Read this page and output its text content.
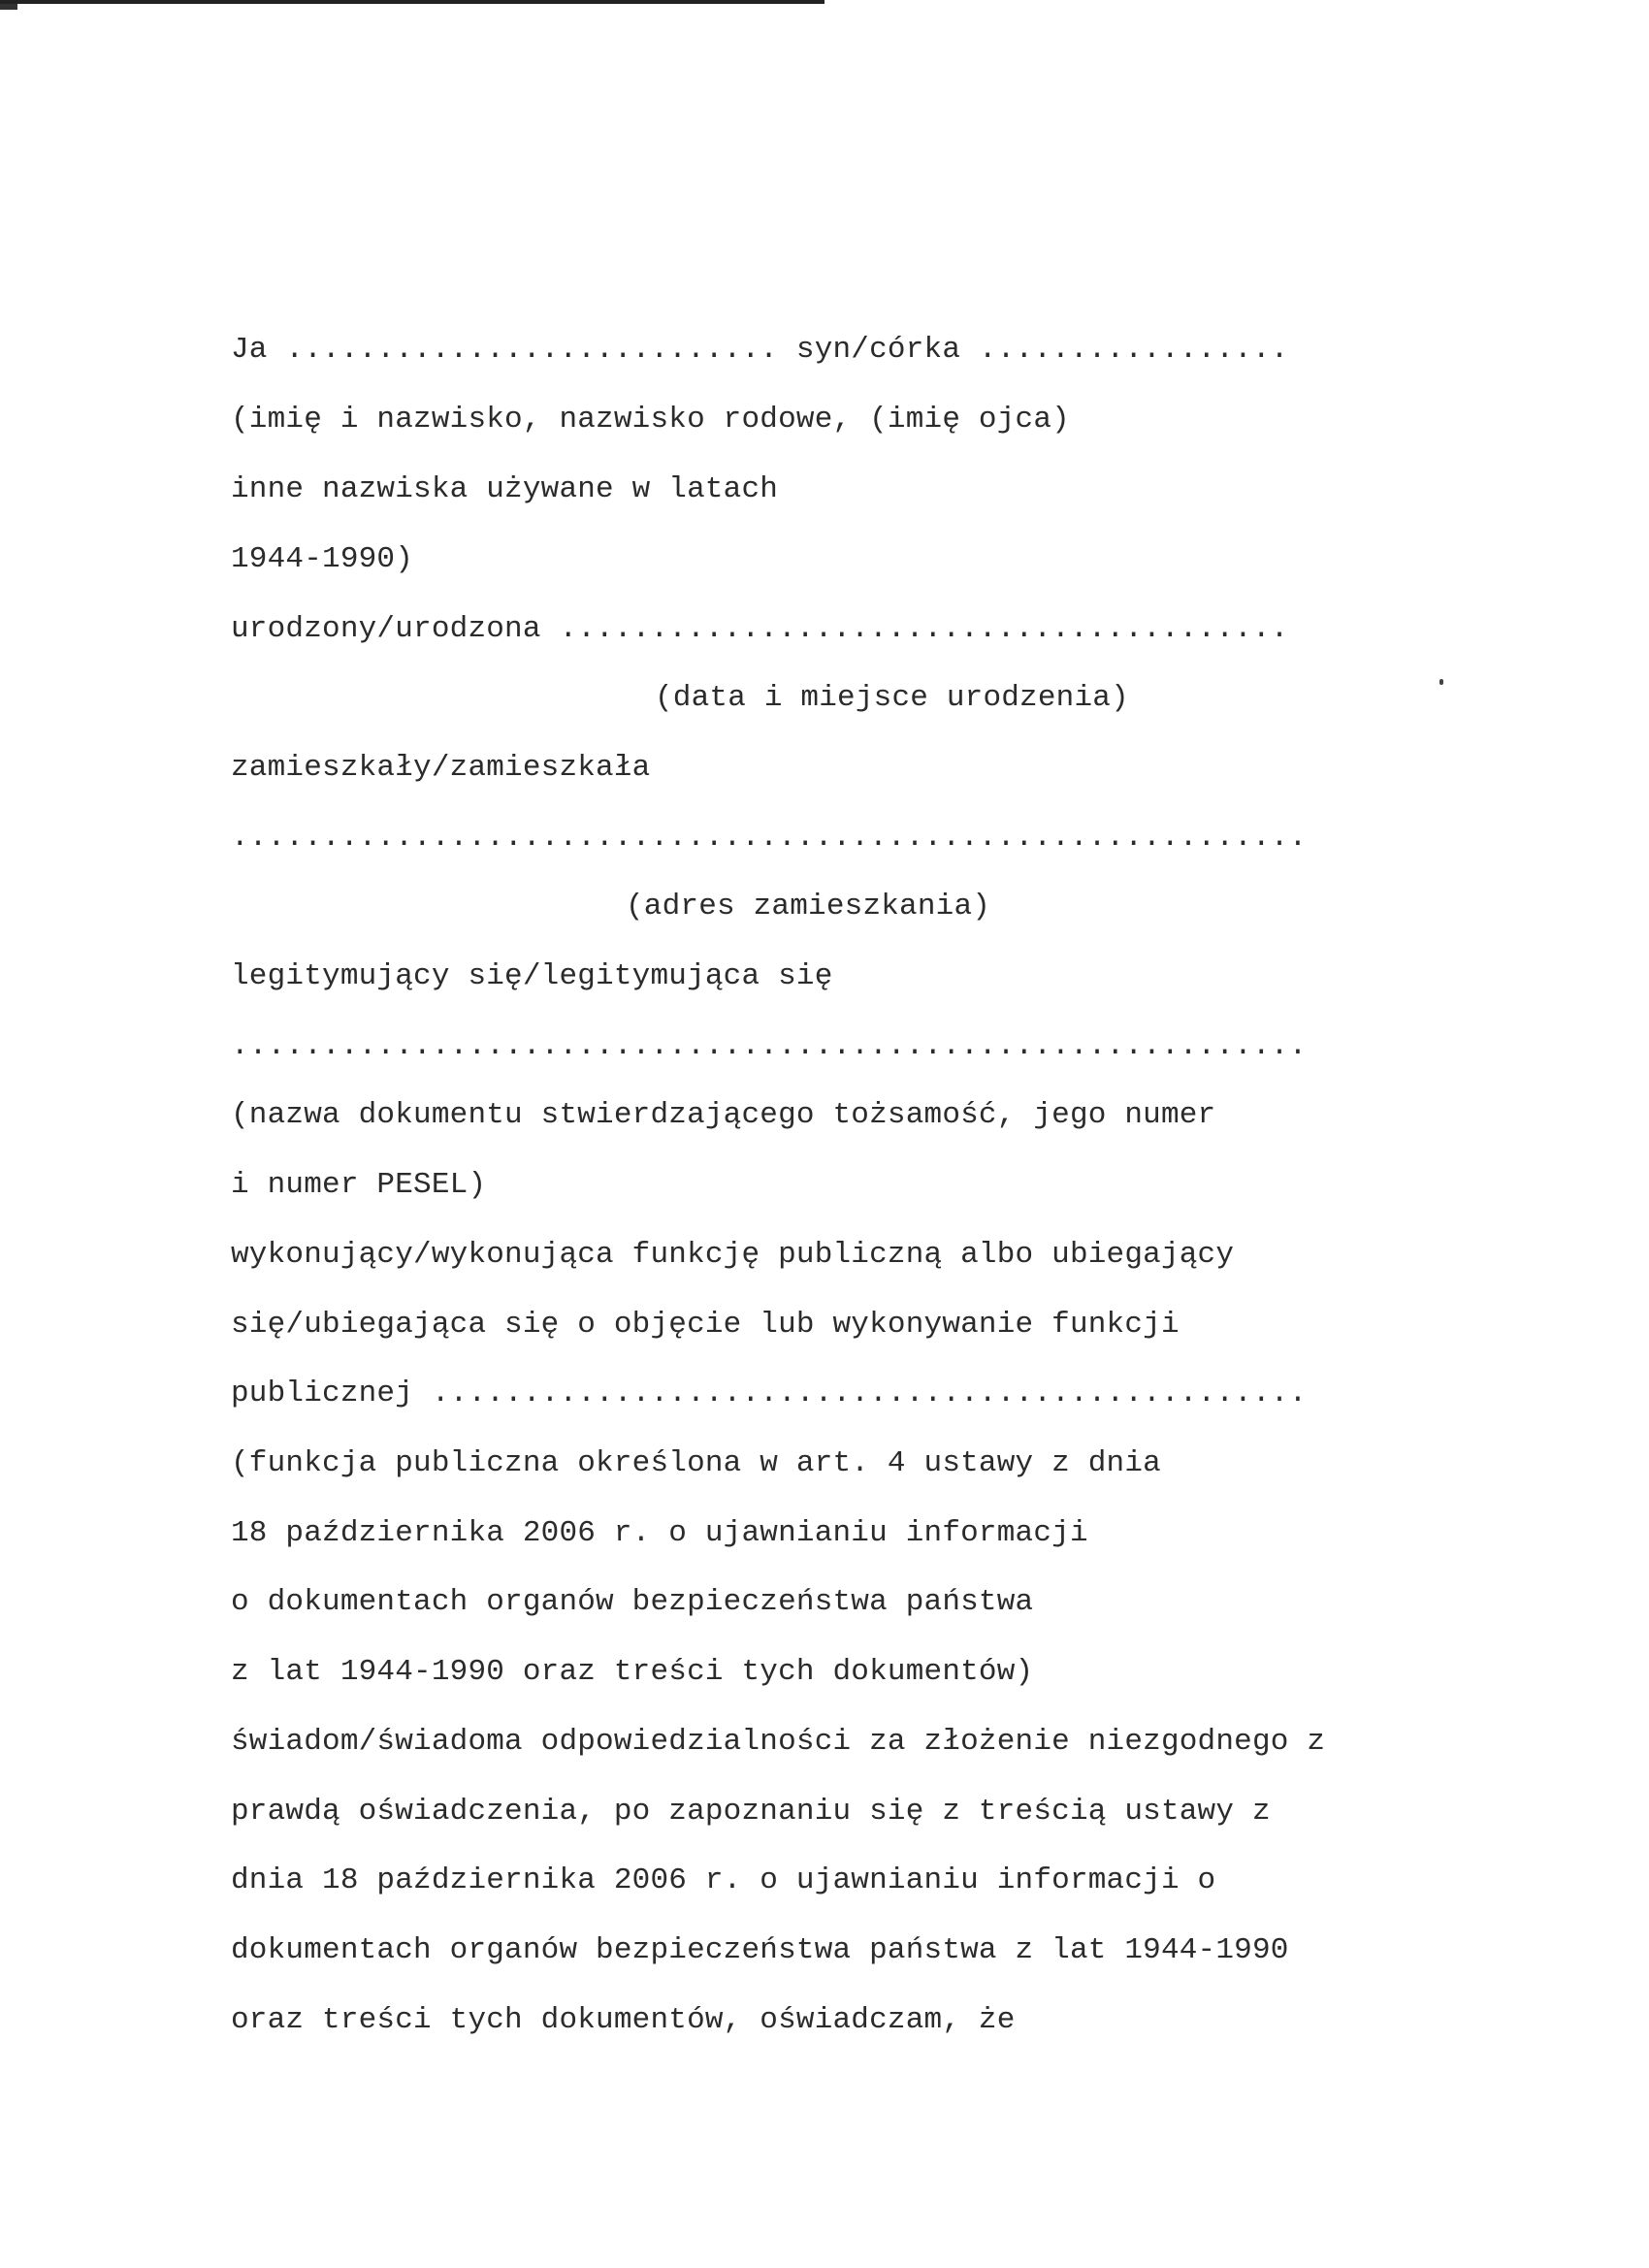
Ja ........................... syn/córka .................
(imię i nazwisko, nazwisko rodowe, (imię ojca)
inne nazwiska używane w latach
1944-1990)
urodzony/urodzona ........................................
(data i miejsce urodzenia)
zamieszkały/zamieszkała
...........................................................
(adres zamieszkania)
legitymujący się/legitymująca się
...........................................................
(nazwa dokumentu stwierdzającego tożsamość, jego numer
i numer PESEL)
wykonujący/wykonująca funkcję publiczną albo ubiegający
się/ubiegająca się o objęcie lub wykonywanie funkcji
publicznej ................................................
(funkcja publiczna określona w art. 4 ustawy z dnia
18 października 2006 r. o ujawnianiu informacji
o dokumentach organów bezpieczeństwa państwa
z lat 1944-1990 oraz treści tych dokumentów)
świadom/świadoma odpowiedzialności za złożenie niezgodnego z
prawdą oświadczenia, po zapoznaniu się z treścią ustawy z
dnia 18 października 2006 r. o ujawnianiu informacji o
dokumentach organów bezpieczeństwa państwa z lat 1944-1990
oraz treści tych dokumentów, oświadczam, że
